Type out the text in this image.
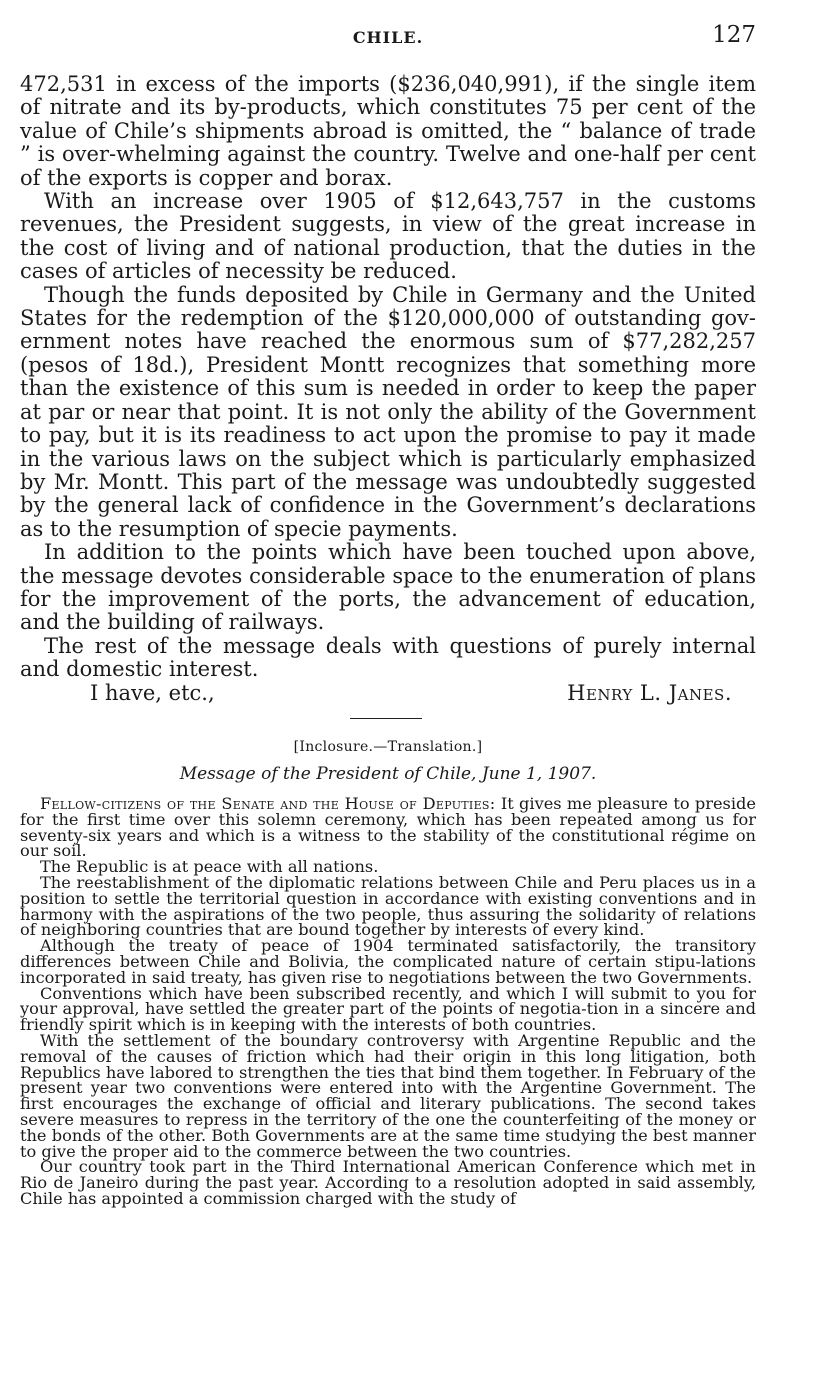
CHILE.	127

472,531 in excess of the imports ($236,040,991), if the single item of nitrate and its by-products, which constitutes 75 per cent of the value of Chile’s shipments abroad is omitted, the “ balance of trade ” is over-whelming against the country. Twelve and one-half per cent of the exports is copper and borax.

With an increase over 1905 of $12,643,757 in the customs revenues, the President suggests, in view of the great increase in the cost of living and of national production, that the duties in the cases of articles of necessity be reduced.

Though the funds deposited by Chile in Germany and the United States for the redemption of the $120,000,000 of outstanding gov-ernment notes have reached the enormous sum of $77,282,257 (pesos of 18d.), President Montt recognizes that something more than the existence of this sum is needed in order to keep the paper at par or near that point. It is not only the ability of the Government to pay, but it is its readiness to act upon the promise to pay it made in the various laws on the subject which is particularly emphasized by Mr. Montt. This part of the message was undoubtedly suggested by the general lack of confidence in the Government’s declarations as to the resumption of specie payments.

In addition to the points which have been touched upon above, the message devotes considerable space to the enumeration of plans for the improvement of the ports, the advancement of education, and the building of railways.

The rest of the message deals with questions of purely internal and domestic interest.

I have, etc.,	Henry L. Janes.
[Inclosure.—Translation.]
Message of the President of Chile, June 1, 1907.

Fellow-citizens of the Senate and the House of Deputies: It gives me pleasure to preside for the first time over this solemn ceremony, which has been repeated among us for seventy-six years and which is a witness to the stability of the constitutional régime on our soil.

The Republic is at peace with all nations.

The reestablishment of the diplomatic relations between Chile and Peru places us in a position to settle the territorial question in accordance with existing conventions and in harmony with the aspirations of the two people, thus assuring the solidarity of relations of neighboring countries that are bound together by interests of every kind.

Although the treaty of peace of 1904 terminated satisfactorily, the transitory differences between Chile and Bolivia, the complicated nature of certain stipu-lations incorporated in said treaty, has given rise to negotiations between the two Governments.

Conventions which have been subscribed recently, and which I will submit to you for your approval, have settled the greater part of the points of negotia-tion in a sincere and friendly spirit which is in keeping with the interests of both countries.

With the settlement of the boundary controversy with Argentine Republic and the removal of the causes of friction which had their origin in this long litigation, both Republics have labored to strengthen the ties that bind them together. In February of the present year two conventions were entered into with the Argentine Government. The first encourages the exchange of official and literary publications. The second takes severe measures to repress in the territory of the one the counterfeiting of the money or the bonds of the other. Both Governments are at the same time studying the best manner to give the proper aid to the commerce between the two countries.

Our country took part in the Third International American Conference which met in Rio de Janeiro during the past year. According to a resolution adopted in said assembly, Chile has appointed a commission charged with the study of
